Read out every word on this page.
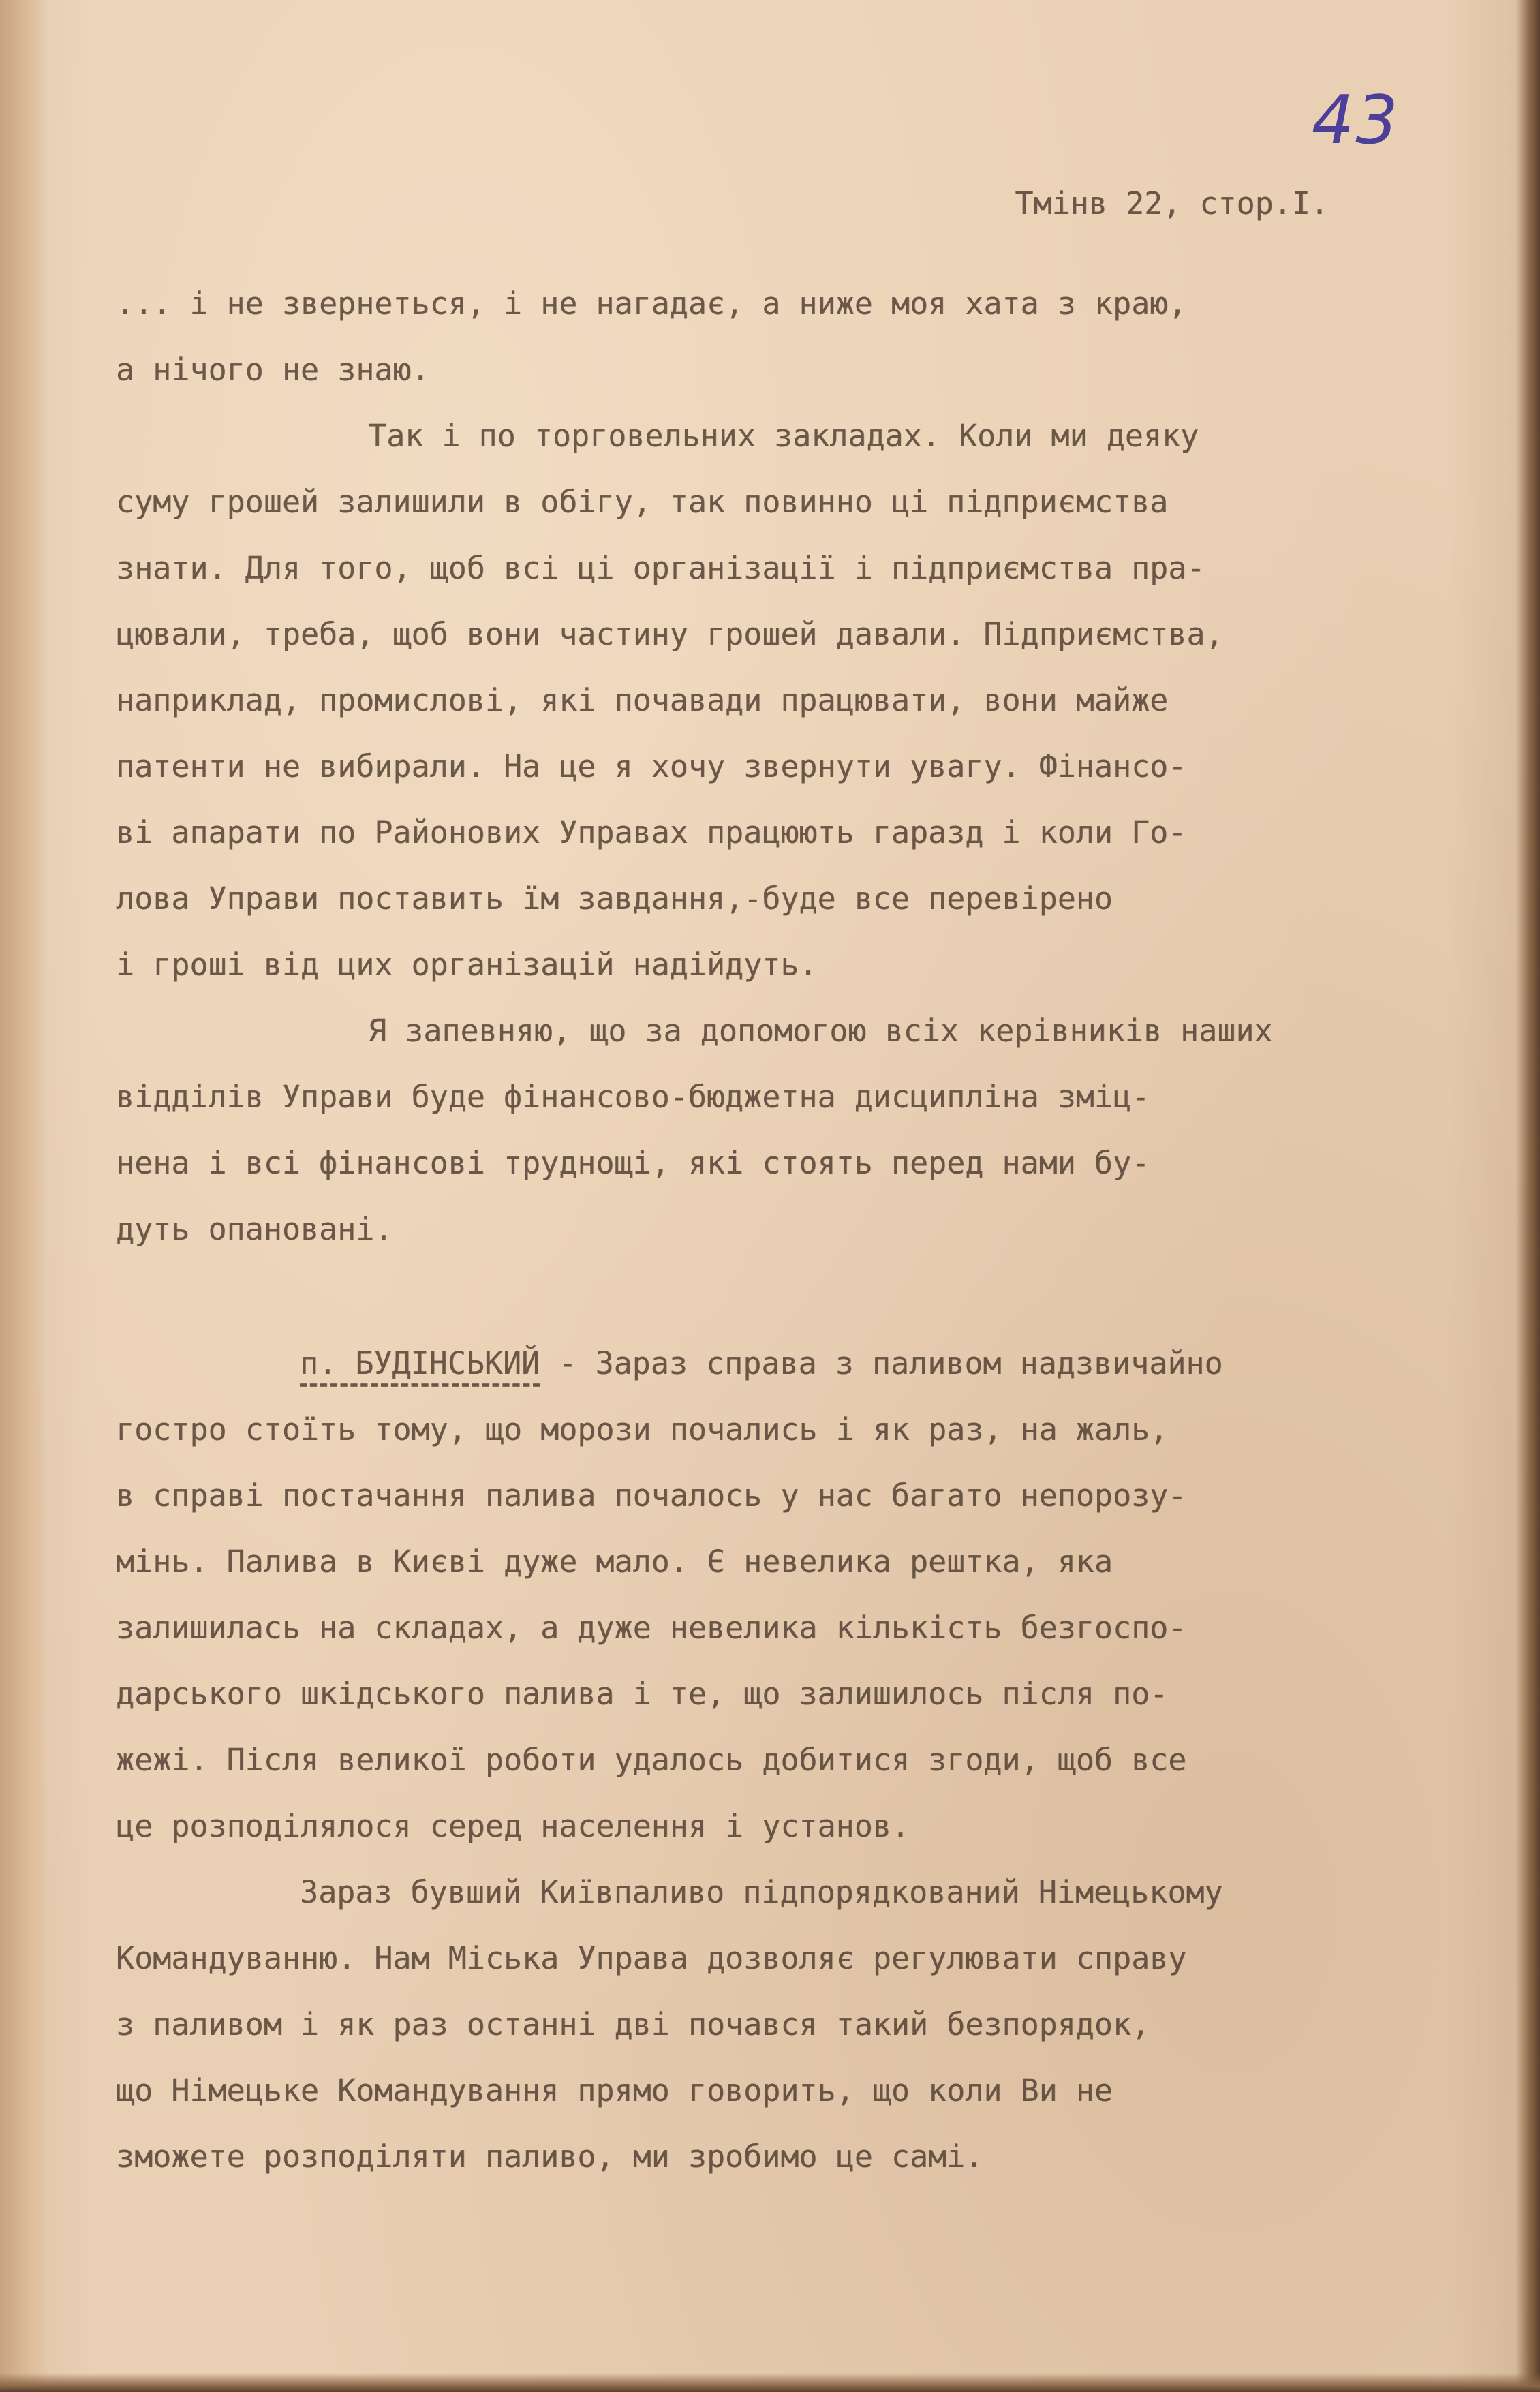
43
Тмінв 22, стор.І.
... і не звернеться, і не нагадає, а ниже моя хата з краю,
а нічого не знаю.
Так і по торговельних закладах. Коли ми деяку
суму грошей залишили в обігу, так повинно ці підприємства
знати. Для того, щоб всі ці організації і підприємства пра-
цювали, треба, щоб вони частину грошей давали. Підприємства,
наприклад, промислові, які почавади працювати, вони майже
патенти не вибирали. На це я хочу звернути увагу. Фінансо-
ві апарати по Районових Управах працюють гаразд і коли Го-
лова Управи поставить їм завдання,-буде все перевірено
і гроші від цих організацій надійдуть.
Я запевняю, що за допомогою всіх керівників наших
відділів Управи буде фінансово-бюджетна дисципліна зміц-
нена і всі фінансові труднощі, які стоять перед нами бу-
дуть опановані.
п. БУДІНСЬКИЙ - Зараз справа з паливом надзвичайно
гостро стоїть тому, що морози почались і як раз, на жаль,
в справі постачання палива почалось у нас багато непорозу-
мінь. Палива в Києві дуже мало. Є невелика рештка, яка
залишилась на складах, а дуже невелика кількість безгоспо-
дарського шкідського палива і те, що залишилось після по-
жежі. Після великої роботи удалось добитися згоди, щоб все
це розподілялося серед населення і установ.
Зараз бувший Київпаливо підпорядкований Німецькому
Командуванню. Нам Міська Управа дозволяє регулювати справу
з паливом і як раз останні дві почався такий безпорядок,
що Німецьке Командування прямо говорить, що коли Ви не
зможете розподіляти паливо, ми зробимо це самі.
